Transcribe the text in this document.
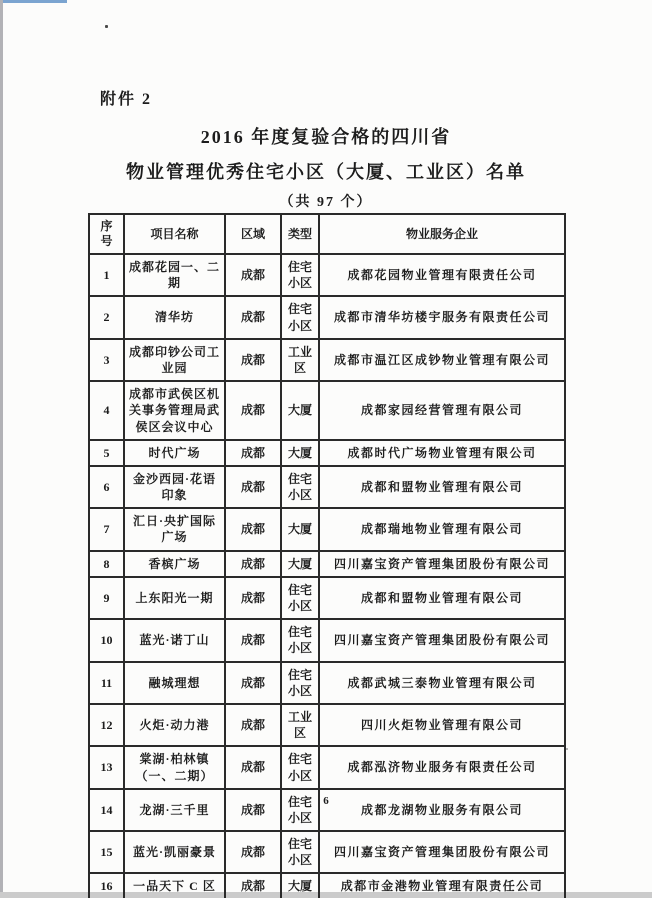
附件 2
2016 年度复验合格的四川省
物业管理优秀住宅小区（大厦、工业区）名单
（共 97 个）
序号	项目名称	区域	类型	物业服务企业
1	成都花园一、二期	成都	住宅小区	成都花园物业管理有限责任公司
2	清华坊	成都	住宅小区	成都市清华坊楼宇服务有限责任公司
3	成都印钞公司工业园	成都	工业区	成都市温江区成钞物业管理有限公司
4	成都市武侯区机关事务管理局武侯区会议中心	成都	大厦	成都家园经营管理有限公司
5	时代广场	成都	大厦	成都时代广场物业管理有限公司
6	金沙西园·花语印象	成都	住宅小区	成都和盟物业管理有限公司
7	汇日·央扩国际广场	成都	大厦	成都瑞地物业管理有限公司
8	香槟广场	成都	大厦	四川嘉宝资产管理集团股份有限公司
9	上东阳光一期	成都	住宅小区	成都和盟物业管理有限公司
10	蓝光·诺丁山	成都	住宅小区	四川嘉宝资产管理集团股份有限公司
11	融城理想	成都	住宅小区	成都武城三泰物业管理有限公司
12	火炬·动力港	成都	工业区	四川火炬物业管理有限公司
13	棠湖·柏林镇（一、二期）	成都	住宅小区	成都泓济物业服务有限责任公司
14	龙湖·三千里	成都	住宅小区	成都龙湖物业服务有限公司
15	蓝光·凯丽豪景	成都	住宅小区	四川嘉宝资产管理集团股份有限公司
16	一品天下 C 区	成都	大厦	成都市金港物业管理有限责任公司
6
